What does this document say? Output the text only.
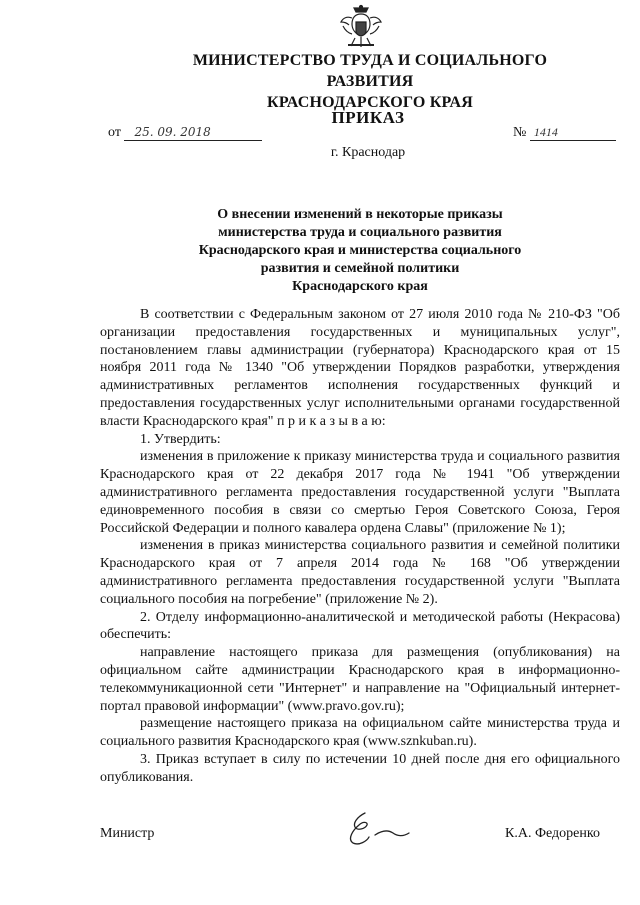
МИНИСТЕРСТВО ТРУДА И СОЦИАЛЬНОГО РАЗВИТИЯ
КРАСНОДАРСКОГО КРАЯ
ПРИКАЗ
от 25. 09. 2018	№ 1414
г. Краснодар
О внесении изменений в некоторые приказы
министерства труда и социального развития
Краснодарского края и министерства социального
развития и семейной политики
Краснодарского края

В соответствии с Федеральным законом от 27 июля 2010 года № 210-ФЗ "Об организации предоставления государственных и муниципальных услуг", постановлением главы администрации (губернатора) Краснодарского края от 15 ноября 2011 года № 1340 "Об утверждении Порядков разработки, утверждения административных регламентов исполнения государственных функций и предоставления государственных услуг исполнительными органами государственной власти Краснодарского края" п р и к а з ы в а ю:

1. Утвердить:

изменения в приложение к приказу министерства труда и социального развития Краснодарского края от 22 декабря 2017 года № 1941 "Об утверждении административного регламента предоставления государственной услуги "Выплата единовременного пособия в связи со смертью Героя Советского Союза, Героя Российской Федерации и полного кавалера ордена Славы" (приложение № 1);

изменения в приказ министерства социального развития и семейной политики Краснодарского края от 7 апреля 2014 года № 168 "Об утверждении административного регламента предоставления государственной услуги "Выплата социального пособия на погребение" (приложение № 2).

2. Отделу информационно-аналитической и методической работы (Некрасова) обеспечить:

направление настоящего приказа для размещения (опубликования) на официальном сайте администрации Краснодарского края в информационно-телекоммуникационной сети "Интернет" и направление на "Официальный интернет-портал правовой информации" (www.pravo.gov.ru);

размещение настоящего приказа на официальном сайте министерства труда и социального развития Краснодарского края (www.sznkuban.ru).

3. Приказ вступает в силу по истечении 10 дней после дня его официального опубликования.

Министр	К.А. Федоренко
